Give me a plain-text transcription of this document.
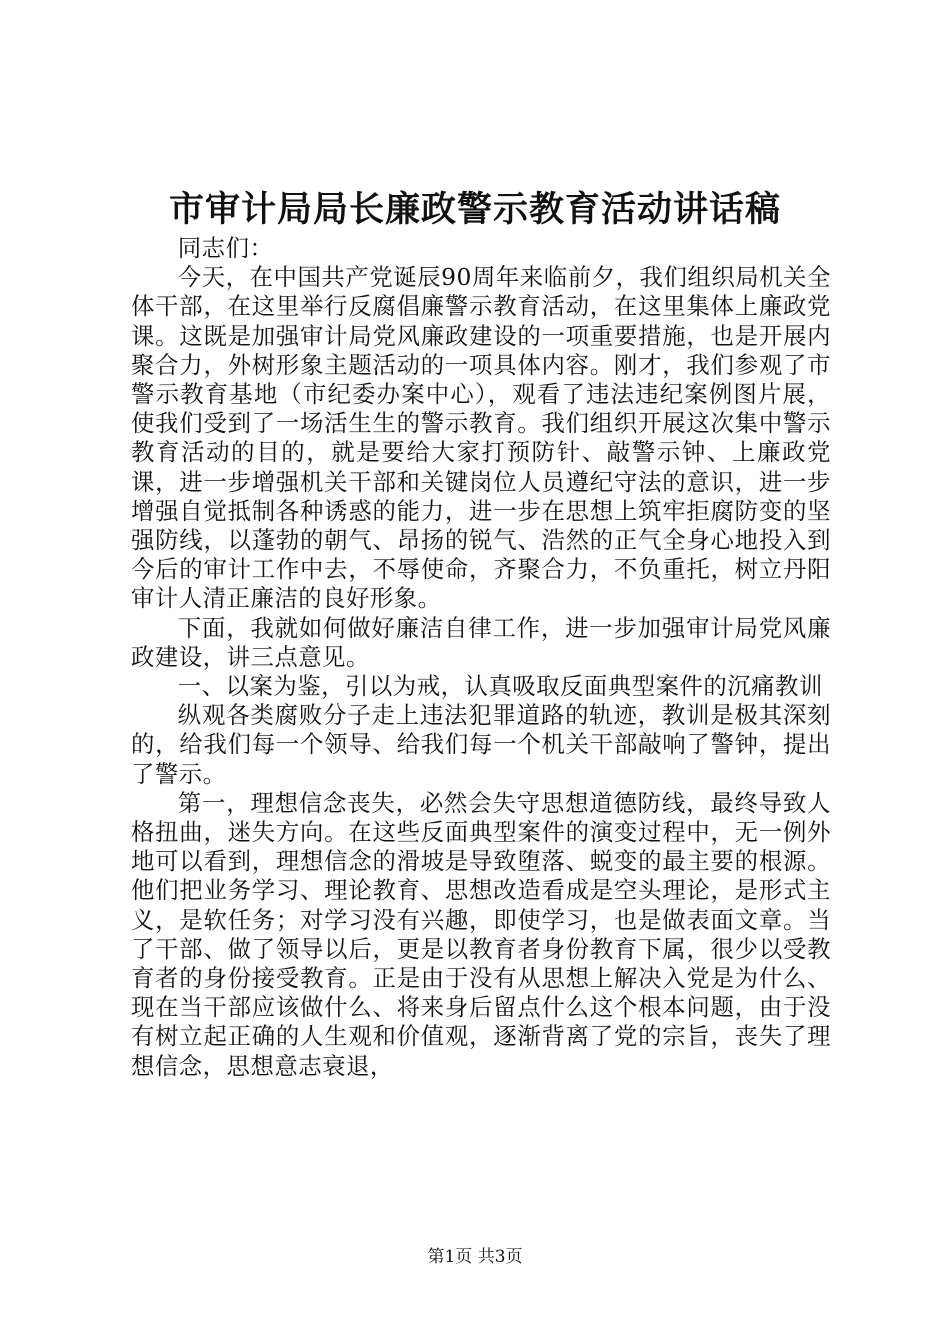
市审计局局长廉政警示教育活动讲话稿

同志们：

今天，在中国共产党诞辰90周年来临前夕，我们组织局机关全体干部，在这里举行反腐倡廉警示教育活动，在这里集体上廉政党课。这既是加强审计局党风廉政建设的一项重要措施，也是开展内聚合力，外树形象主题活动的一项具体内容。刚才，我们参观了市警示教育基地（市纪委办案中心），观看了违法违纪案例图片展，使我们受到了一场活生生的警示教育。我们组织开展这次集中警示教育活动的目的，就是要给大家打预防针、敲警示钟、上廉政党课，进一步增强机关干部和关键岗位人员遵纪守法的意识，进一步增强自觉抵制各种诱惑的能力，进一步在思想上筑牢拒腐防变的坚强防线，以蓬勃的朝气、昂扬的锐气、浩然的正气全身心地投入到今后的审计工作中去，不辱使命，齐聚合力，不负重托，树立丹阳审计人清正廉洁的良好形象。

下面，我就如何做好廉洁自律工作，进一步加强审计局党风廉政建设，讲三点意见。

一、以案为鉴，引以为戒，认真吸取反面典型案件的沉痛教训

纵观各类腐败分子走上违法犯罪道路的轨迹，教训是极其深刻的，给我们每一个领导、给我们每一个机关干部敲响了警钟，提出了警示。

第一，理想信念丧失，必然会失守思想道德防线，最终导致人格扭曲，迷失方向。在这些反面典型案件的演变过程中，无一例外地可以看到，理想信念的滑坡是导致堕落、蜕变的最主要的根源。他们把业务学习、理论教育、思想改造看成是空头理论，是形式主义，是软任务；对学习没有兴趣，即使学习，也是做表面文章。当了干部、做了领导以后，更是以教育者身份教育下属，很少以受教育者的身份接受教育。正是由于没有从思想上解决入党是为什么、现在当干部应该做什么、将来身后留点什么这个根本问题，由于没有树立起正确的人生观和价值观，逐渐背离了党的宗旨，丧失了理想信念，思想意志衰退，

第1页 共3页
